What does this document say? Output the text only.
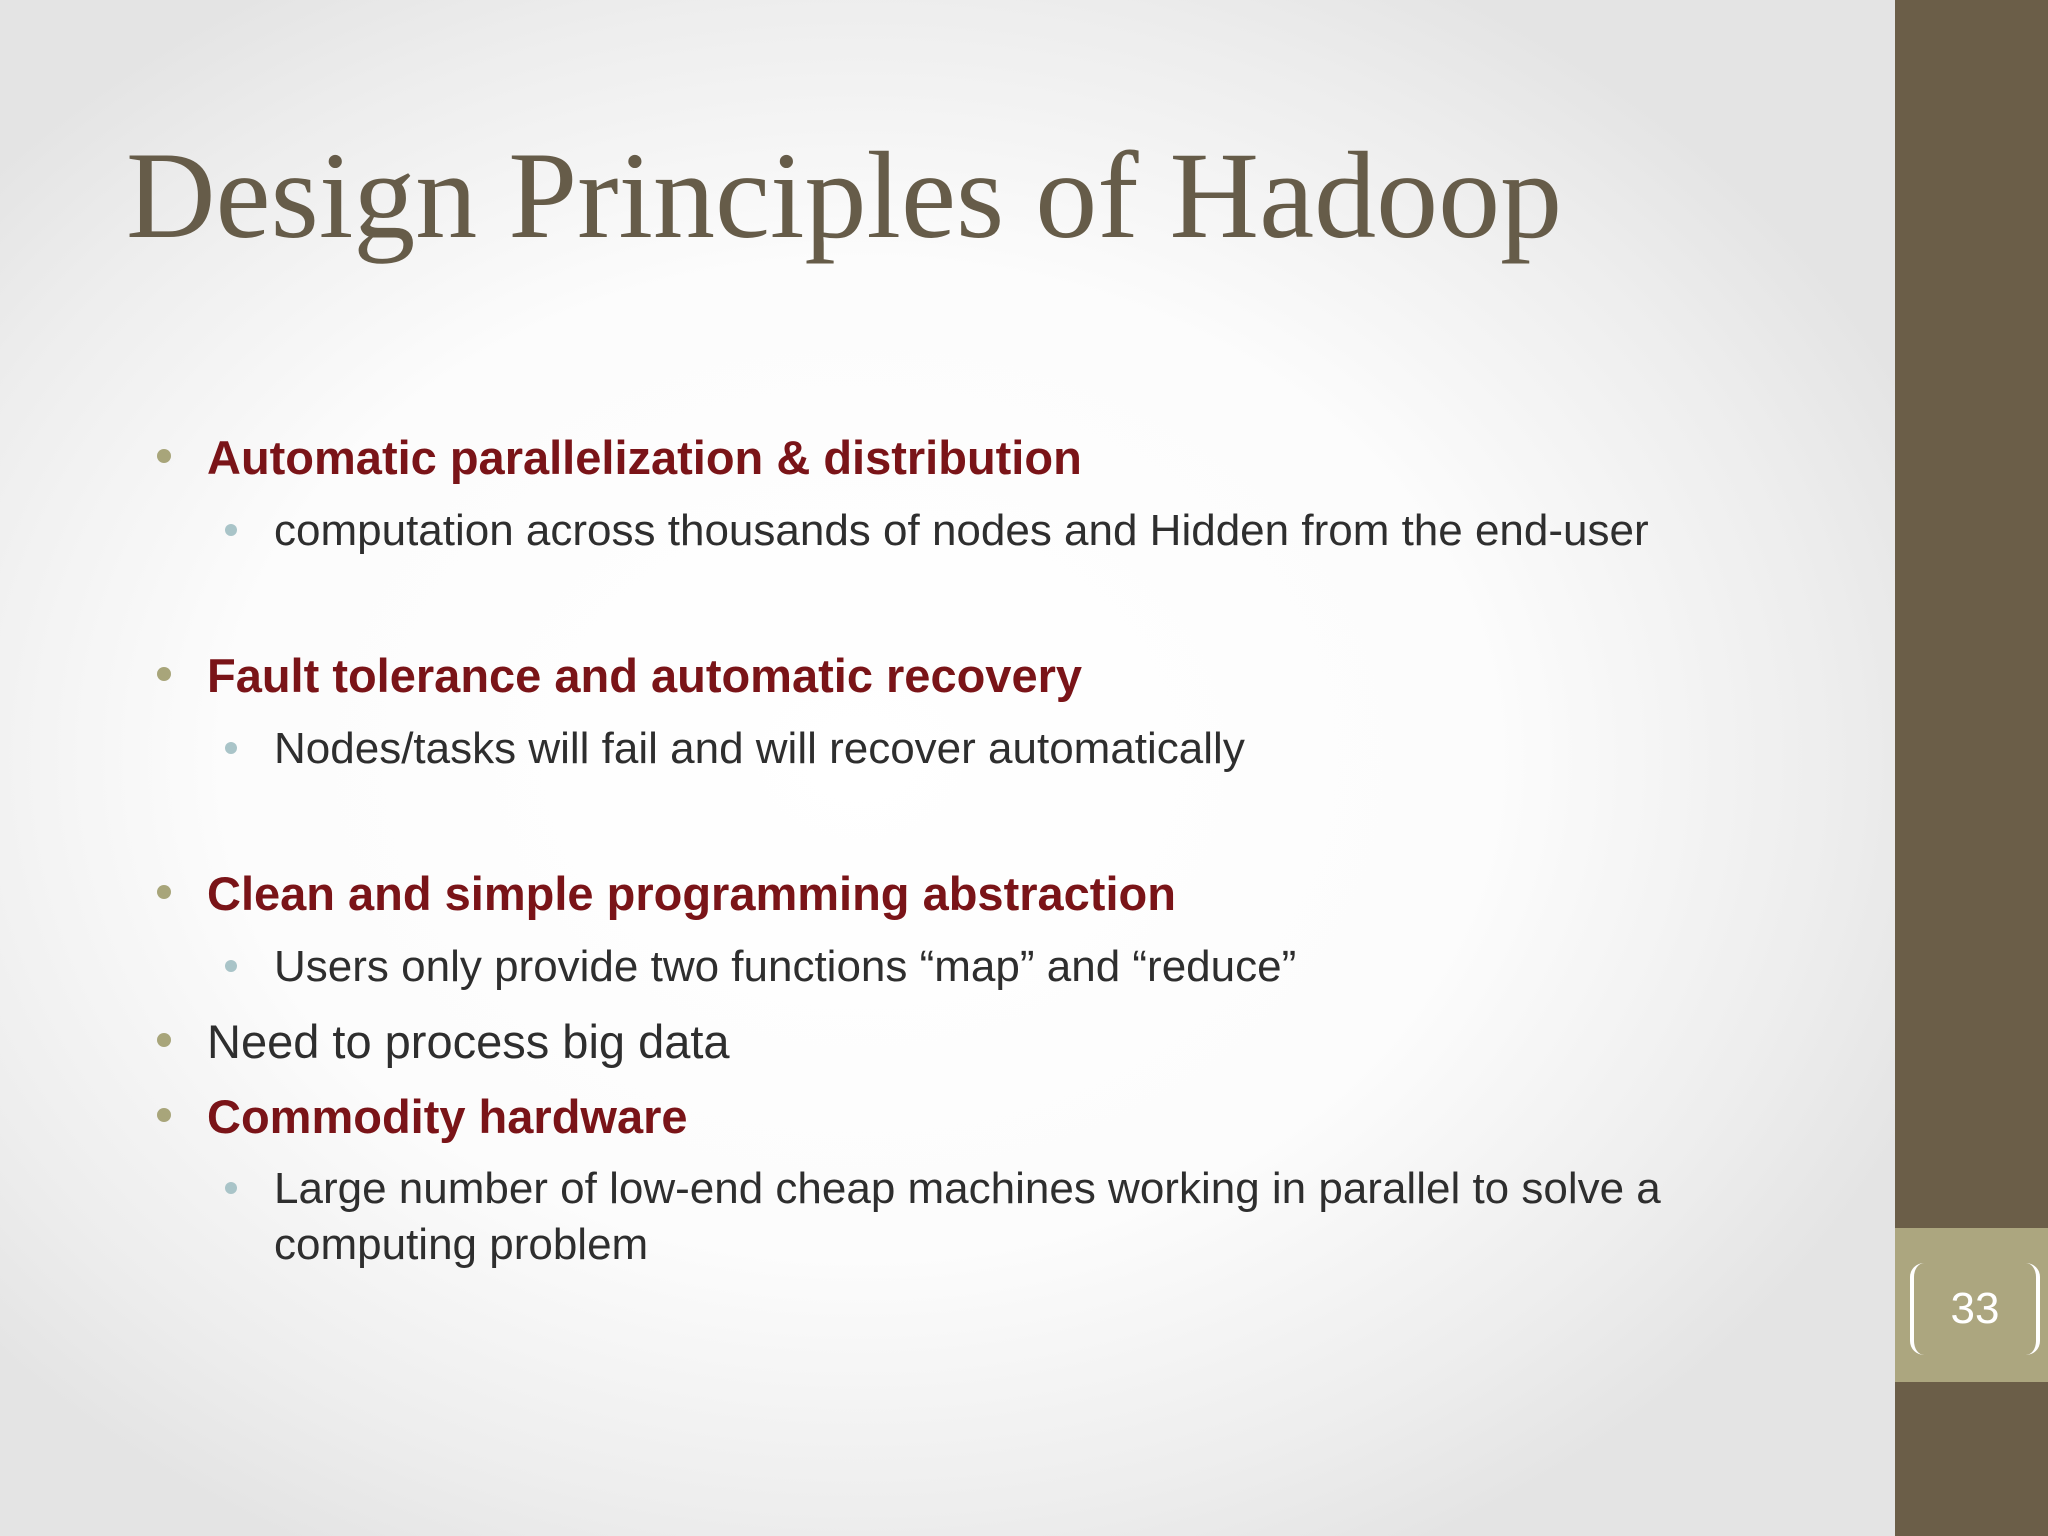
Design Principles of Hadoop
Automatic parallelization & distribution
computation across thousands of nodes and Hidden from the end-user
Fault tolerance and automatic recovery
Nodes/tasks will fail and will recover automatically
Clean and simple programming abstraction
Users only provide two functions “map” and “reduce”
Need to process big data
Commodity hardware
Large number of low-end cheap machines working in parallel to solve a
computing problem
33
